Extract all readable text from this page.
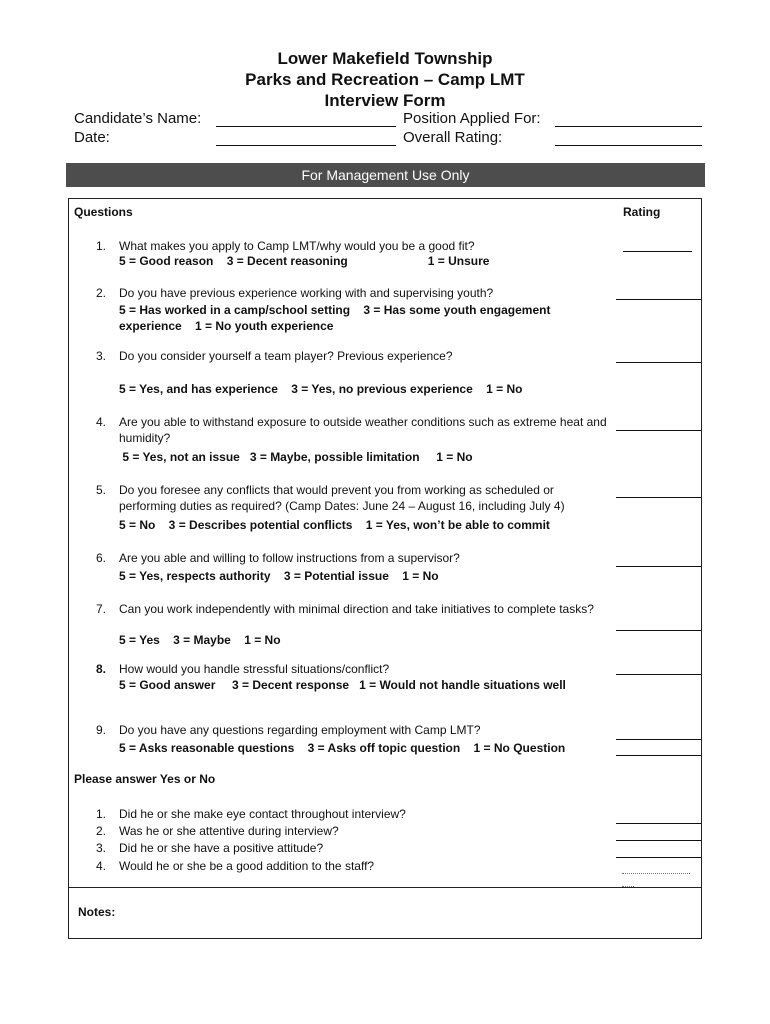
Lower Makefield Township
Parks and Recreation – Camp LMT
Interview Form
Candidate’s Name:
Date:
Position Applied For:
Overall Rating:
For Management Use Only
Questions	Rating
1. What makes you apply to Camp LMT/why would you be a good fit?
5 = Good reason    3 = Decent reasoning                        1 = Unsure
2. Do you have previous experience working with and supervising youth?
5 = Has worked in a camp/school setting    3 = Has some youth engagement
experience    1 = No youth experience
3. Do you consider yourself a team player? Previous experience?
5 = Yes, and has experience    3 = Yes, no previous experience    1 = No
4. Are you able to withstand exposure to outside weather conditions such as extreme heat and humidity?
5 = Yes, not an issue   3 = Maybe, possible limitation     1 = No
5. Do you foresee any conflicts that would prevent you from working as scheduled or performing duties as required? (Camp Dates: June 24 – August 16, including July 4)
5 = No    3 = Describes potential conflicts    1 = Yes, won’t be able to commit
6. Are you able and willing to follow instructions from a supervisor?
5 = Yes, respects authority    3 = Potential issue    1 = No
7. Can you work independently with minimal direction and take initiatives to complete tasks?
5 = Yes    3 = Maybe    1 = No
8. How would you handle stressful situations/conflict?
5 = Good answer     3 = Decent response   1 = Would not handle situations well
9. Do you have any questions regarding employment with Camp LMT?
5 = Asks reasonable questions    3 = Asks off topic question    1 = No Question
Please answer Yes or No
1. Did he or she make eye contact throughout interview?
2. Was he or she attentive during interview?
3. Did he or she have a positive attitude?
4. Would he or she be a good addition to the staff?
Notes:
